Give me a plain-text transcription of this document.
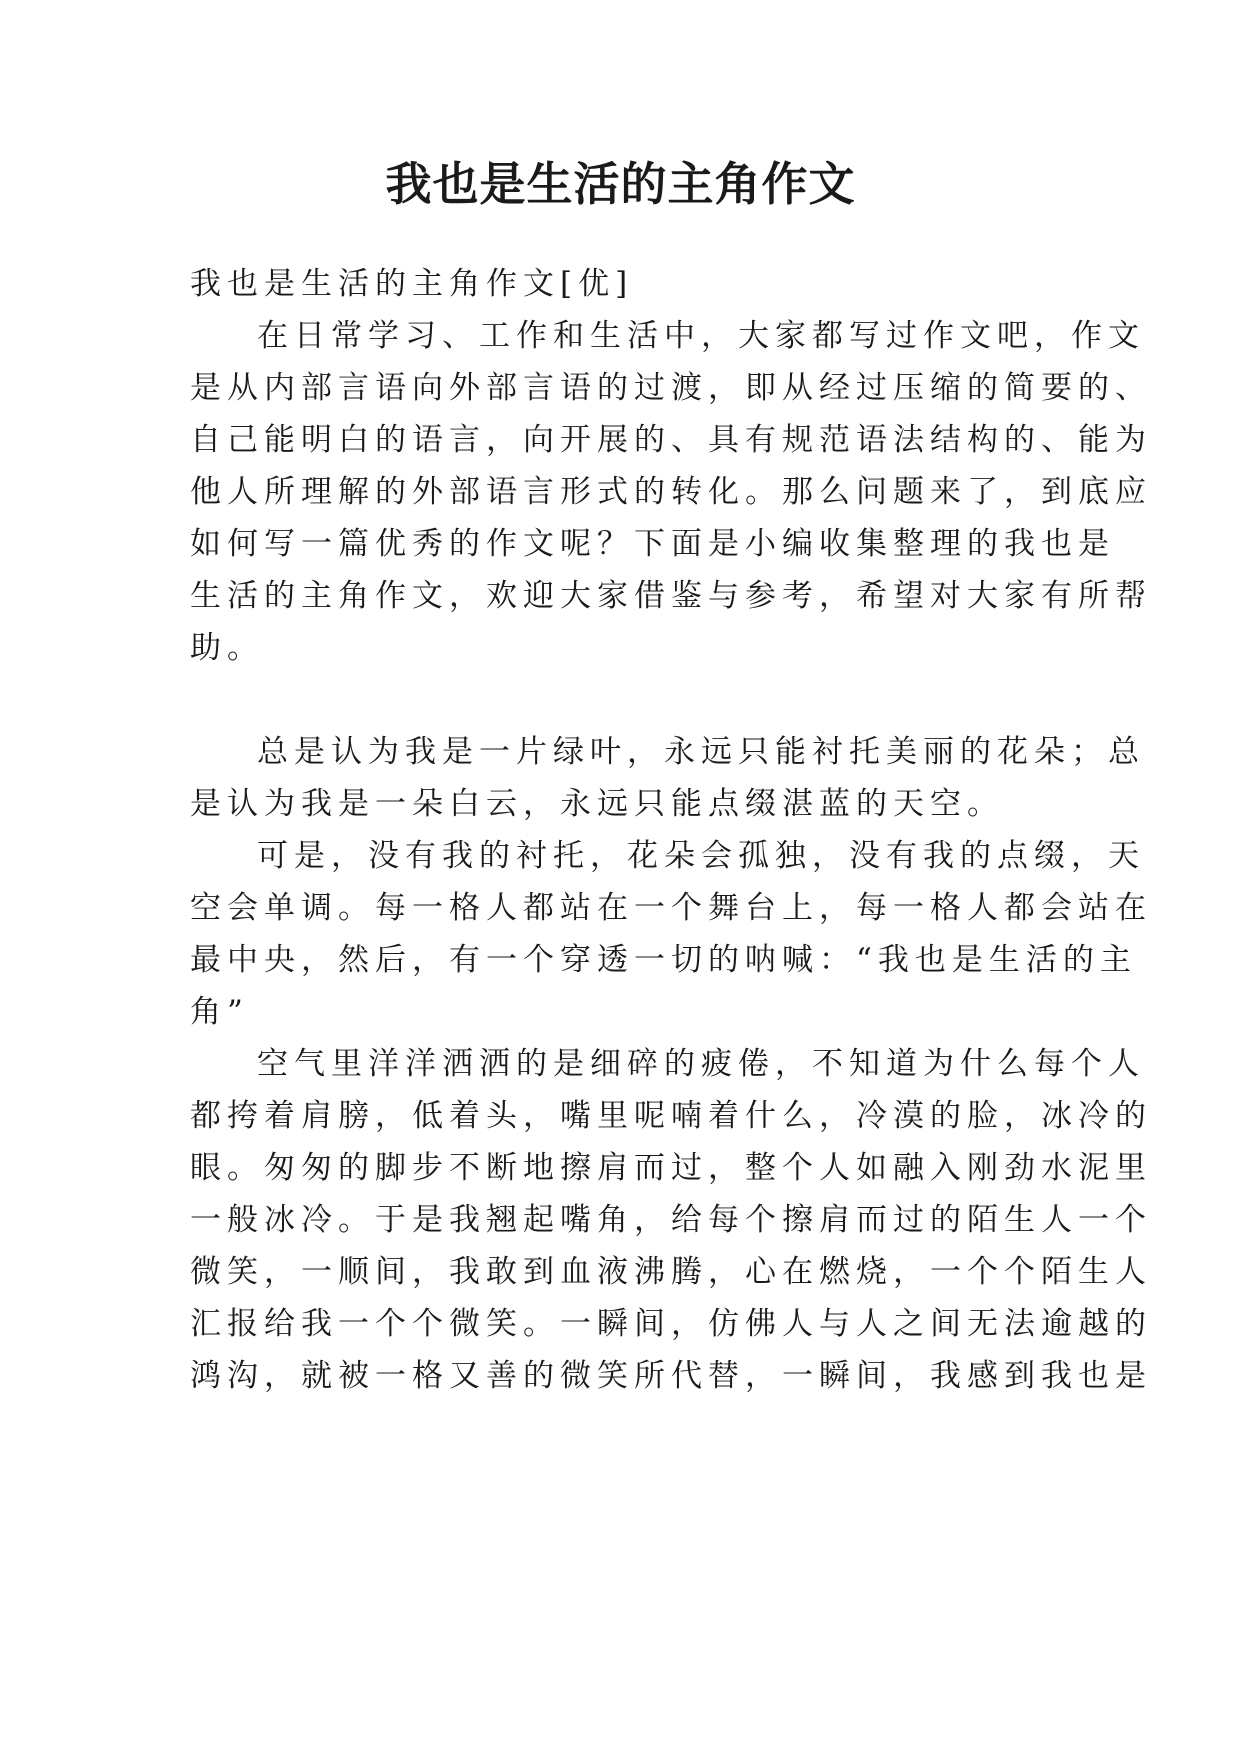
我也是生活的主角作文
我也是生活的主角作文[优]
在日常学习、工作和生活中，大家都写过作文吧，作文
是从内部言语向外部言语的过渡，即从经过压缩的简要的、
自己能明白的语言，向开展的、具有规范语法结构的、能为
他人所理解的外部语言形式的转化。那么问题来了，到底应
如何写一篇优秀的作文呢？下面是小编收集整理的我也是
生活的主角作文，欢迎大家借鉴与参考，希望对大家有所帮
助。
总是认为我是一片绿叶，永远只能衬托美丽的花朵；总
是认为我是一朵白云，永远只能点缀湛蓝的天空。
可是，没有我的衬托，花朵会孤独，没有我的点缀，天
空会单调。每一格人都站在一个舞台上，每一格人都会站在
最中央，然后，有一个穿透一切的呐喊：“我也是生活的主
角”
空气里洋洋洒洒的是细碎的疲倦，不知道为什么每个人
都挎着肩膀，低着头，嘴里呢喃着什么，冷漠的脸，冰冷的
眼。匆匆的脚步不断地擦肩而过，整个人如融入刚劲水泥里
一般冰冷。于是我翘起嘴角，给每个擦肩而过的陌生人一个
微笑，一顺间，我敢到血液沸腾，心在燃烧，一个个陌生人
汇报给我一个个微笑。一瞬间，仿佛人与人之间无法逾越的
鸿沟，就被一格又善的微笑所代替，一瞬间，我感到我也是
